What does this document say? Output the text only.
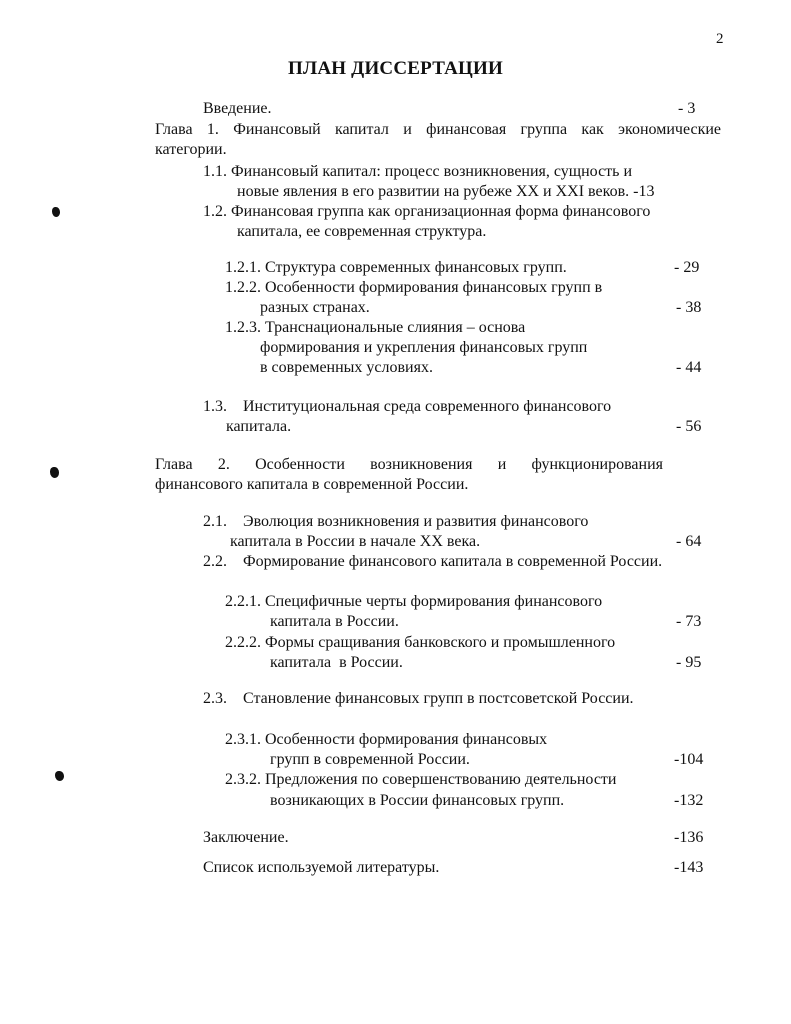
2
ПЛАН ДИССЕРТАЦИИ
Введение.	- 3
Глава 1. Финансовый капитал и финансовая группа как экономические
категории.
1.1. Финансовый капитал: процесс возникновения, сущность и
новые явления в его развитии на рубеже XX и XXI веков. -13
1.2. Финансовая группа как организационная форма финансового
капитала, ее современная структура.
1.2.1. Структура современных финансовых групп.	- 29
1.2.2. Особенности формирования финансовых групп в
разных странах.	- 38
1.2.3. Транснациональные слияния – основа
формирования и укрепления финансовых групп
в современных условиях.	- 44
1.3.    Институциональная среда современного финансового
капитала.	- 56
Глава 2. Особенности возникновения и функционирования
финансового капитала в современной России.
2.1.    Эволюция возникновения и развития финансового
капитала в России в начале XX века.	- 64
2.2.    Формирование финансового капитала в современной России.
2.2.1. Специфичные черты формирования финансового
капитала в России.	- 73
2.2.2. Формы сращивания банковского и промышленного
капитала  в России.	- 95
2.3.    Становление финансовых групп в постсоветской России.
2.3.1. Особенности формирования финансовых
групп в современной России.	-104
2.3.2. Предложения по совершенствованию деятельности
возникающих в России финансовых групп.	-132
Заключение.	-136
Список используемой литературы.	-143
